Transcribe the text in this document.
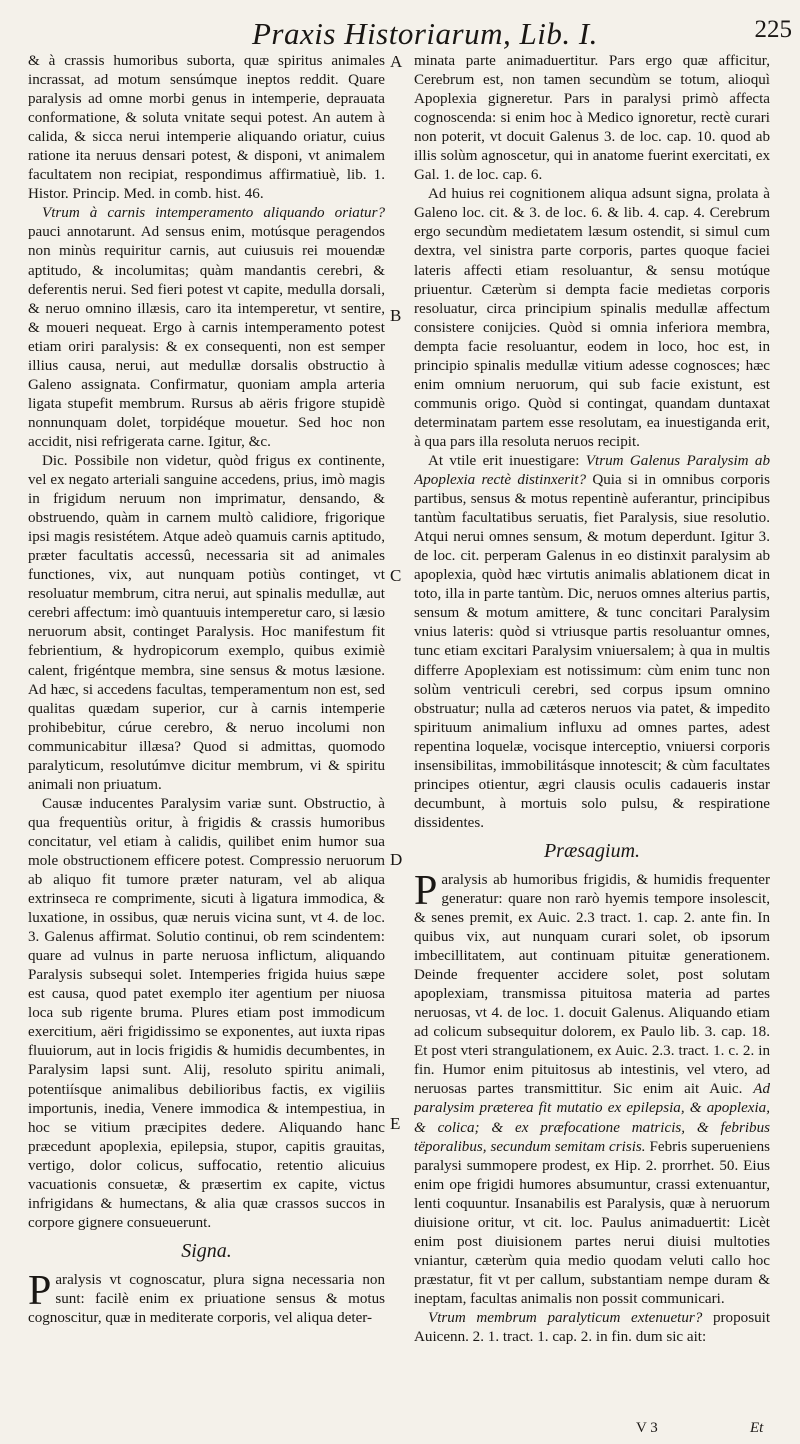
Praxis Historiarum, Lib. I.	225
A
B
C
D
E

& à crassis humoribus suborta, quæ spiritus animales incrassat, ad motum sensúmque ineptos reddit. Quare paralysis ad omne morbi genus in intemperie, deprauata conformatione, & soluta vnitate sequi potest. An autem à calida, & sicca nerui intemperie aliquando oriatur, cuius ratione ita neruus densari potest, & disponi, vt animalem facultatem non recipiat, respondimus affirmatiuè, lib. 1. Histor. Princip. Med. in comb. hist. 46.

Vtrum à carnis intemperamento aliquando oriatur? pauci annotarunt. Ad sensus enim, motúsque peragendos non minùs requiritur carnis, aut cuiusuis rei mouendæ aptitudo, & incolumitas; quàm mandantis cerebri, & deferentis nerui. Sed fieri potest vt capite, medulla dorsali, & neruo omnino illæsis, caro ita intemperetur, vt sentire, & moueri nequeat. Ergo à carnis intemperamento potest etiam oriri paralysis: & ex consequenti, non est semper illius causa, nerui, aut medullæ dorsalis obstructio à Galeno assignata. Confirmatur, quoniam ampla arteria ligata stupefit membrum. Rursus ab aëris frigore stupidè nonnunquam dolet, torpidéque mouetur. Sed hoc non accidit, nisi refrigerata carne. Igitur, &c.

Dic. Possibile non videtur, quòd frigus ex continente, vel ex negato arteriali sanguine accedens, prius, imò magis in frigidum neruum non imprimatur, densando, & obstruendo, quàm in carnem multò calidiore, frigorique ipsi magis resistétem. Atque adeò quamuis carnis aptitudo, præter facultatis accessû, necessaria sit ad animales functiones, vix, aut nunquam potiùs continget, vt resoluatur membrum, citra nerui, aut spinalis medullæ, aut cerebri affectum: imò quantuuis intemperetur caro, si læsio neruorum absit, continget Paralysis. Hoc manifestum fit febrientium, & hydropicorum exemplo, quibus eximiè calent, frigéntque membra, sine sensus & motus læsione. Ad hæc, si accedens facultas, temperamentum non est, sed qualitas quædam superior, cur à carnis intemperie prohibebitur, cúrue cerebro, & neruo incolumi non communicabitur illæsa? Quod si admittas, quomodo paralyticum, resolutúmve dicitur membrum, vi & spiritu animali non priuatum.

Causæ inducentes Paralysim variæ sunt. Obstructio, à qua frequentiùs oritur, à frigidis & crassis humoribus concitatur, vel etiam à calidis, quilibet enim humor sua mole obstructionem efficere potest. Compressio neruorum ab aliquo fit tumore præter naturam, vel ab aliqua extrinseca re comprimente, sicuti à ligatura immodica, & luxatione, in ossibus, quæ neruis vicina sunt, vt 4. de loc. 3. Galenus affirmat. Solutio continui, ob rem scindentem: quare ad vulnus in parte neruosa inflictum, aliquando Paralysis subsequi solet. Intemperies frigida huius sæpe est causa, quod patet exemplo iter agentium per niuosa loca sub rigente bruma. Plures etiam post immodicum exercitium, aëri frigidissimo se exponentes, aut iuxta ripas fluuiorum, aut in locis frigidis & humidis decumbentes, in Paralysim lapsi sunt. Alij, resoluto spiritu animali, potentiísque animalibus debilioribus factis, ex vigiliis importunis, inedia, Venere immodica & intempestiua, in hoc se vitium præcipites dedere. Aliquando hanc præcedunt apoplexia, epilepsia, stupor, capitis grauitas, vertigo, dolor colicus, suffocatio, retentio alicuius vacuationis consuetæ, & præsertim ex capite, victus infrigidans & humectans, & alia quæ crassos succos in corpore gignere consueuerunt.

Signa.

Paralysis vt cognoscatur, plura signa necessaria non sunt: facilè enim ex priuatione sensus & motus cognoscitur, quæ in mediterate corporis, vel aliqua deter-

minata parte animaduertitur. Pars ergo quæ afficitur, Cerebrum est, non tamen secundùm se totum, alioquì Apoplexia gigneretur. Pars in paralysi primò affecta cognoscenda: si enim hoc à Medico ignoretur, rectè curari non poterit, vt docuit Galenus 3. de loc. cap. 10. quod ab illis solùm agnoscetur, qui in anatome fuerint exercitati, ex Gal. 1. de loc. cap. 6.

Ad huius rei cognitionem aliqua adsunt signa, prolata à Galeno loc. cit. & 3. de loc. 6. & lib. 4. cap. 4. Cerebrum ergo secundùm medietatem læsum ostendit, si simul cum dextra, vel sinistra parte corporis, partes quoque faciei lateris affecti etiam resoluantur, & sensu motúque priuentur. Cæterùm si dempta facie medietas corporis resoluatur, circa principium spinalis medullæ affectum consistere conijcies. Quòd si omnia inferiora membra, dempta facie resoluantur, eodem in loco, hoc est, in principio spinalis medullæ vitium adesse cognosces; hæc enim omnium neruorum, qui sub facie existunt, est communis origo. Quòd si contingat, quandam duntaxat determinatam partem esse resolutam, ea inuestiganda erit, à qua pars illa resoluta neruos recipit.

At vtile erit inuestigare: Vtrum Galenus Paralysim ab Apoplexia rectè distinxerit? Quia si in omnibus corporis partibus, sensus & motus repentinè auferantur, principibus tantùm facultatibus seruatis, fiet Paralysis, siue resolutio. Atqui nerui omnes sensum, & motum deperdunt. Igitur 3. de loc. cit. perperam Galenus in eo distinxit paralysim ab apoplexia, quòd hæc virtutis animalis ablationem dicat in toto, illa in parte tantùm. Dic, neruos omnes alterius partis, sensum & motum amittere, & tunc concitari Paralysim vnius lateris: quòd si vtriusque partis resoluantur omnes, tunc etiam excitari Paralysim vniuersalem; à qua in multis differre Apoplexiam est notissimum: cùm enim tunc non solùm ventriculi cerebri, sed corpus ipsum omnino obstruatur; nulla ad cæteros neruos via patet, & impedito spirituum animalium influxu ad omnes partes, adest repentina loquelæ, vocisque interceptio, vniuersi corporis insensibilitas, immobilitásque innotescit; & cùm facultates principes otientur, ægri clausis oculis cadaueris instar decumbunt, à mortuis solo pulsu, & respiratione dissidentes.

Præsagium.

Paralysis ab humoribus frigidis, & humidis frequenter generatur: quare non rarò hyemis tempore insolescit, & senes premit, ex Auic. 2.3 tract. 1. cap. 2. ante fin. In quibus vix, aut nunquam curari solet, ob ipsorum imbecillitatem, aut continuam pituitæ generationem. Deinde frequenter accidere solet, post solutam apoplexiam, transmissa pituitosa materia ad partes neruosas, vt 4. de loc. 1. docuit Galenus. Aliquando etiam ad colicum subsequitur dolorem, ex Paulo lib. 3. cap. 18. Et post vteri strangulationem, ex Auic. 2.3. tract. 1. c. 2. in fin. Humor enim pituitosus ab intestinis, vel vtero, ad neruosas partes transmittitur. Sic enim ait Auic. Ad paralysim præterea fit mutatio ex epilepsia, & apoplexia, & colica; & ex præfocatione matricis, & febribus tëporalibus, secundum semitam crisis. Febris superueniens paralysi summopere prodest, ex Hip. 2. prorrhet. 50. Eius enim ope frigidi humores absumuntur, crassi extenuantur, lenti coquuntur. Insanabilis est Paralysis, quæ à neruorum diuisione oritur, vt cit. loc. Paulus animaduertit: Licèt enim post diuisionem partes nerui diuisi multoties vniantur, cæterùm quia medio quodam veluti callo hoc præstatur, fit vt per callum, substantiam nempe duram & ineptam, facultas animalis non possit communicari.

Vtrum membrum paralyticum extenuetur? proposuit Auicenn. 2. 1. tract. 1. cap. 2. in fin. dum sic ait:

V 3	Et
